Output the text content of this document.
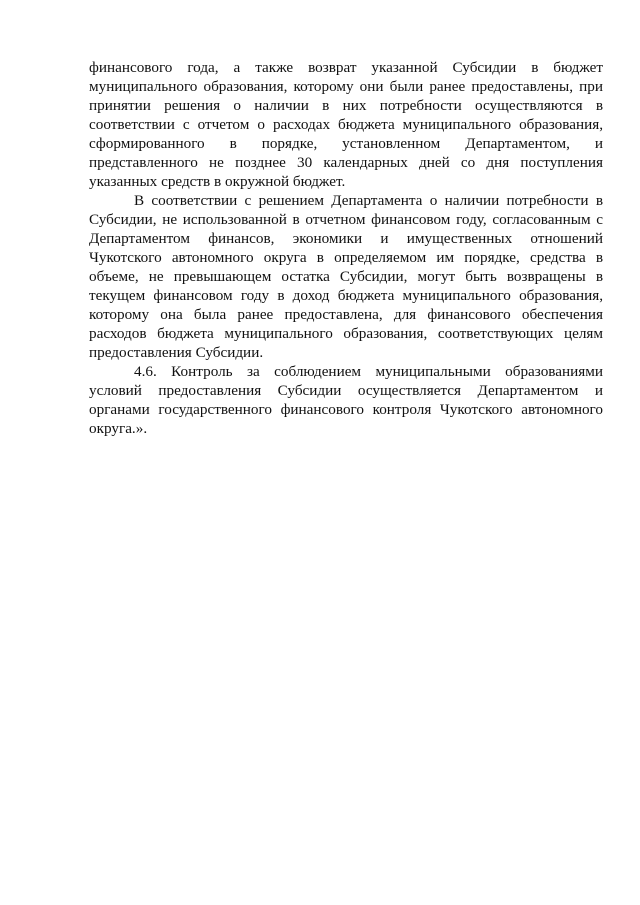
финансового года, а также возврат указанной Субсидии в бюджет
муниципального образования, которому они были ранее предоставлены, при
принятии решения о наличии в них потребности осуществляются в
соответствии с отчетом о расходах бюджета муниципального образования,
сформированного в порядке, установленном Департаментом, и
представленного не позднее 30 календарных дней со дня поступления
указанных средств в окружной бюджет.

В соответствии с решением Департамента о наличии потребности в
Субсидии, не использованной в отчетном финансовом году, согласованным с
Департаментом финансов, экономики и имущественных отношений
Чукотского автономного округа в определяемом им порядке, средства в
объеме, не превышающем остатка Субсидии, могут быть возвращены в
текущем финансовом году в доход бюджета муниципального образования,
которому она была ранее предоставлена, для финансового обеспечения
расходов бюджета муниципального образования, соответствующих целям
предоставления Субсидии.

4.6. Контроль за соблюдением муниципальными образованиями
условий предоставления Субсидии осуществляется Департаментом и
органами государственного финансового контроля Чукотского автономного
округа.».
